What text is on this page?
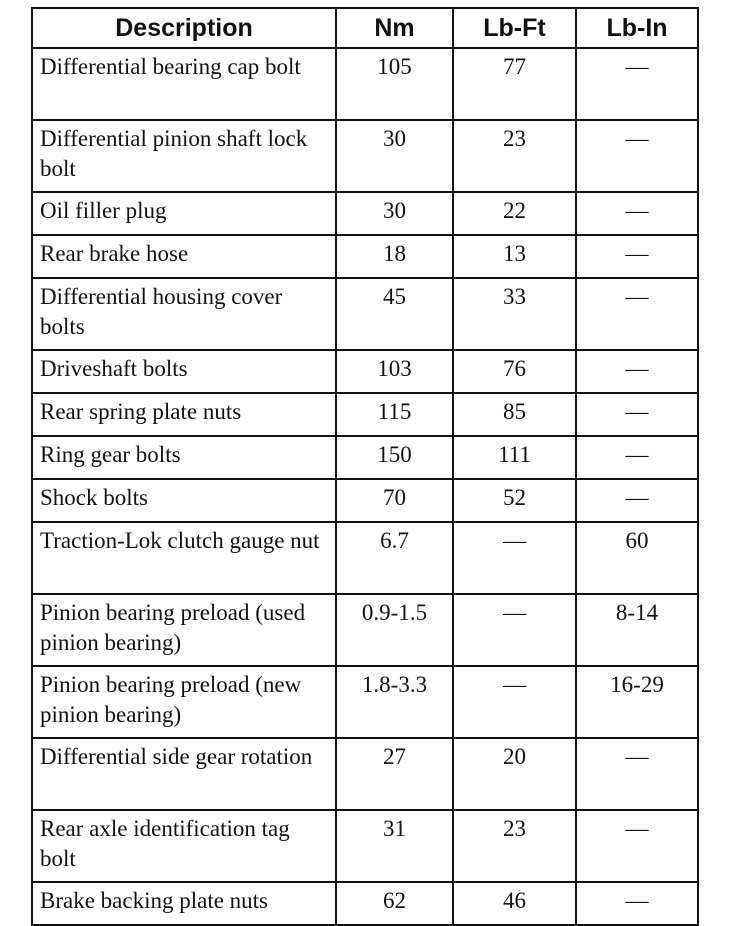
Description	Nm	Lb-Ft	Lb-In
Differential bearing cap bolt	105	77	—
Differential pinion shaft lock bolt	30	23	—
Oil filler plug	30	22	—
Rear brake hose	18	13	—
Differential housing cover bolts	45	33	—
Driveshaft bolts	103	76	—
Rear spring plate nuts	115	85	—
Ring gear bolts	150	111	—
Shock bolts	70	52	—
Traction-Lok clutch gauge nut	6.7	—	60
Pinion bearing preload (used pinion bearing)	0.9-1.5	—	8-14
Pinion bearing preload (new pinion bearing)	1.8-3.3	—	16-29
Differential side gear rotation	27	20	—
Rear axle identification tag bolt	31	23	—
Brake backing plate nuts	62	46	—
